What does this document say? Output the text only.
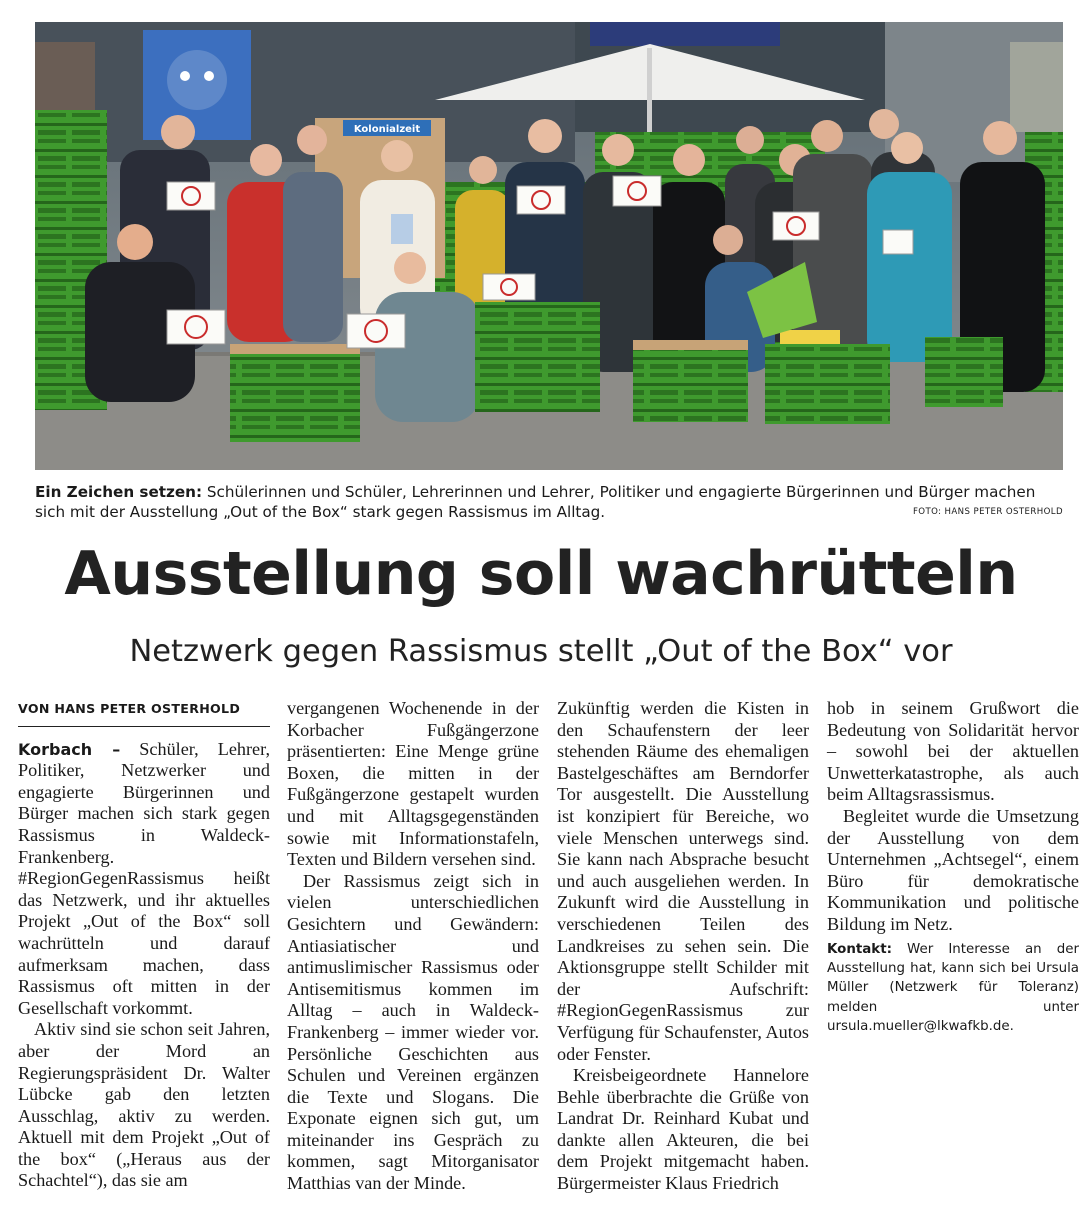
Kolonialzeit
Ein Zeichen setzen: Schülerinnen und Schüler, Lehrerinnen und Lehrer, Politiker und engagierte Bürgerinnen und Bürger machen sich mit der Ausstellung „Out of the Box“ stark gegen Rassismus im Alltag.	FOTO: HANS PETER OSTERHOLD
Ausstellung soll wachrütteln
Netzwerk gegen Rassismus stellt „Out of the Box“ vor
VON HANS PETER OSTERHOLD

Korbach – Schüler, Lehrer, Politiker, Netzwerker und engagierte Bürgerinnen und Bürger machen sich stark gegen Rassismus in Waldeck-Frankenberg. #RegionGegenRassismus heißt das Netzwerk, und ihr aktuelles Projekt „Out of the Box“ soll wachrütteln und darauf aufmerksam machen, dass Rassismus oft mitten in der Gesellschaft vorkommt.

Aktiv sind sie schon seit Jahren, aber der Mord an Regierungspräsident Dr. Walter Lübcke gab den letzten Ausschlag, aktiv zu werden. Aktuell mit dem Projekt „Out of the box“ („Heraus aus der Schachtel“), das sie am

vergangenen Wochenende in der Korbacher Fußgängerzone präsentierten: Eine Menge grüne Boxen, die mitten in der Fußgängerzone gestapelt wurden und mit Alltagsgegenständen sowie mit Informationstafeln, Texten und Bildern versehen sind.

Der Rassismus zeigt sich in vielen unterschiedlichen Gesichtern und Gewändern: Antiasiatischer und antimuslimischer Rassismus oder Antisemitismus kommen im Alltag – auch in Waldeck-Frankenberg – immer wieder vor. Persönliche Geschichten aus Schulen und Vereinen ergänzen die Texte und Slogans. Die Exponate eignen sich gut, um miteinander ins Gespräch zu kommen, sagt Mitorganisator Matthias van der Minde.

Zukünftig werden die Kisten in den Schaufenstern der leer stehenden Räume des ehemaligen Bastelgeschäftes am Berndorfer Tor ausgestellt. Die Ausstellung ist konzipiert für Bereiche, wo viele Menschen unterwegs sind. Sie kann nach Absprache besucht und auch ausgeliehen werden. In Zukunft wird die Ausstellung in verschiedenen Teilen des Landkreises zu sehen sein. Die Aktionsgruppe stellt Schilder mit der Aufschrift: #RegionGegenRassismus zur Verfügung für Schaufenster, Autos oder Fenster.

Kreisbeigeordnete Hannelore Behle überbrachte die Grüße von Landrat Dr. Reinhard Kubat und dankte allen Akteuren, die bei dem Projekt mitgemacht haben. Bürgermeister Klaus Friedrich

hob in seinem Grußwort die Bedeutung von Solidarität hervor – sowohl bei der aktuellen Unwetterkatastrophe, als auch beim Alltagsrassismus.

Begleitet wurde die Umsetzung der Ausstellung von dem Unternehmen „Achtsegel“, einem Büro für demokratische Kommunikation und politische Bildung im Netz.

Kontakt: Wer Interesse an der Ausstellung hat, kann sich bei Ursula Müller (Netzwerk für Toleranz) melden unter ursula.mueller@lkwafkb.de.
